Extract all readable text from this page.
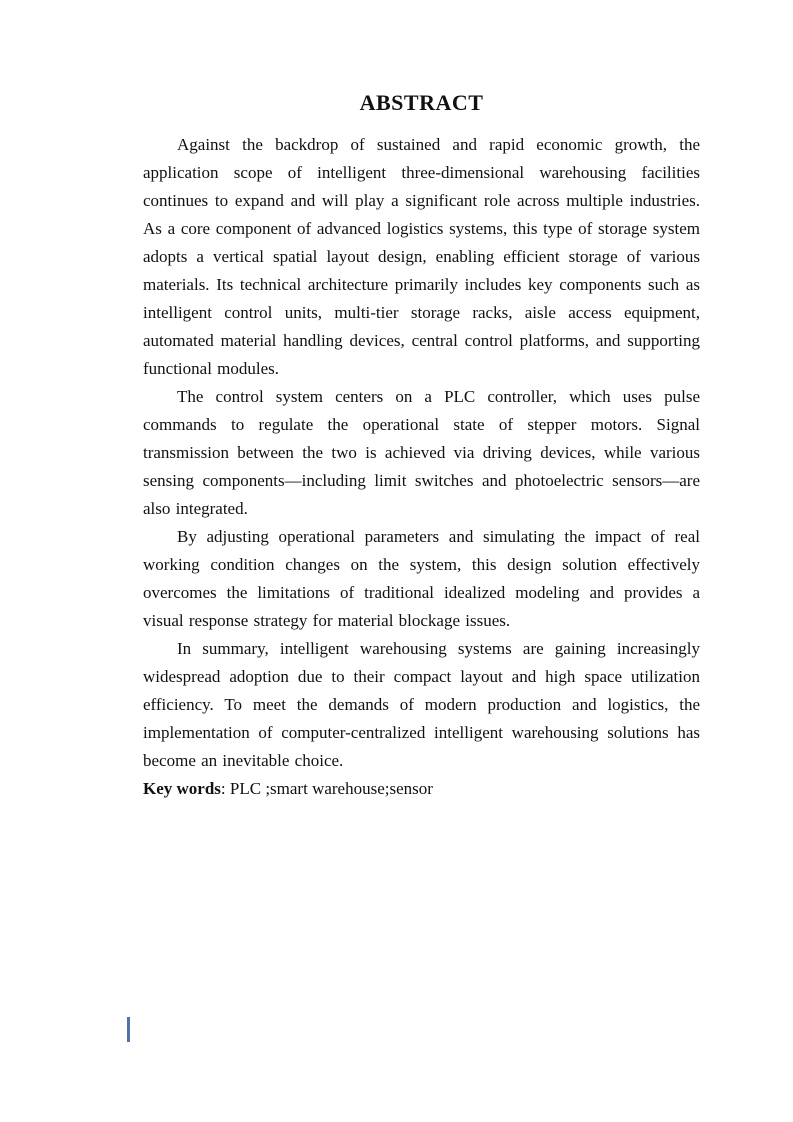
ABSTRACT

Against the backdrop of sustained and rapid economic growth, the application scope of intelligent three-dimensional warehousing facilities continues to expand and will play a significant role across multiple industries. As a core component of advanced logistics systems, this type of storage system adopts a vertical spatial layout design, enabling efficient storage of various materials. Its technical architecture primarily includes key components such as intelligent control units, multi-tier storage racks, aisle access equipment, automated material handling devices, central control platforms, and supporting functional modules.

The control system centers on a PLC controller, which uses pulse commands to regulate the operational state of stepper motors. Signal transmission between the two is achieved via driving devices, while various sensing components—including limit switches and photoelectric sensors—are also integrated.

By adjusting operational parameters and simulating the impact of real working condition changes on the system, this design solution effectively overcomes the limitations of traditional idealized modeling and provides a visual response strategy for material blockage issues.

In summary, intelligent warehousing systems are gaining increasingly widespread adoption due to their compact layout and high space utilization efficiency. To meet the demands of modern production and logistics, the implementation of computer-centralized intelligent warehousing solutions has become an inevitable choice.

Key words: PLC ;smart warehouse;sensor
